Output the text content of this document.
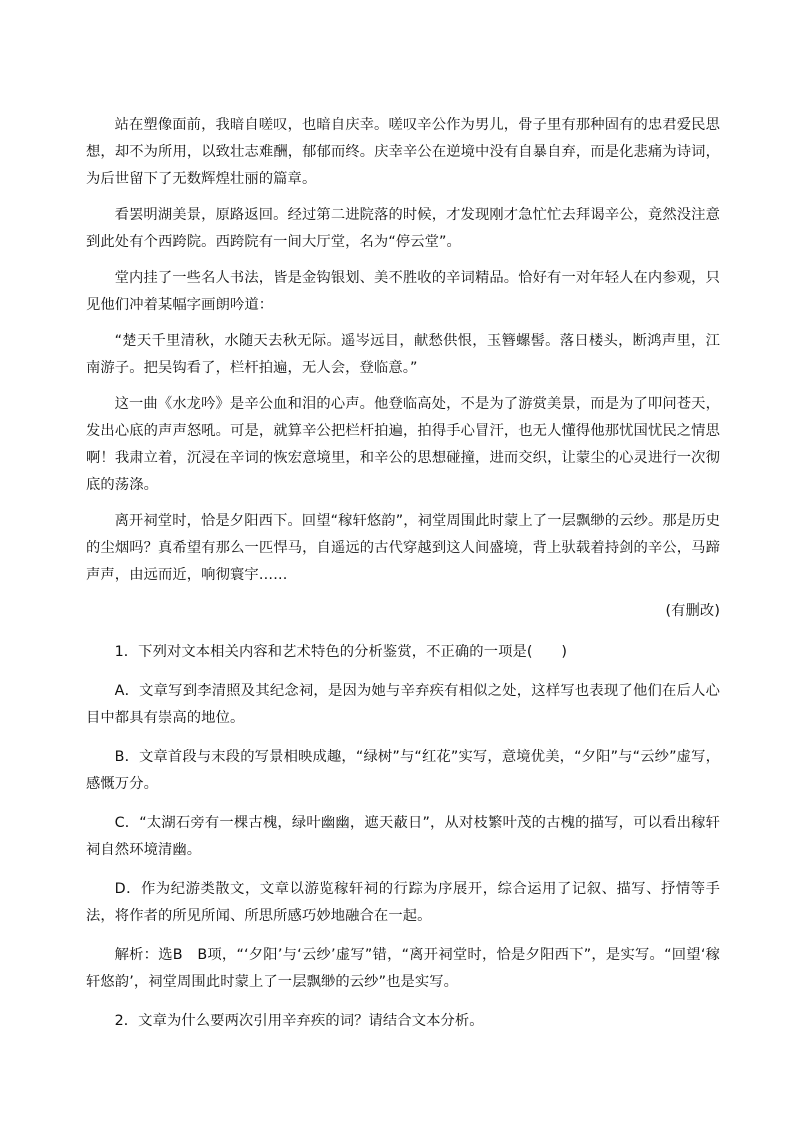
站在塑像面前，我暗自嗟叹，也暗自庆幸。嗟叹辛公作为男儿，骨子里有那种固有的忠君爱民思想，却不为所用，以致壮志难酬，郁郁而终。庆幸辛公在逆境中没有自暴自弃，而是化悲痛为诗词，为后世留下了无数辉煌壮丽的篇章。

看罢明湖美景，原路返回。经过第二进院落的时候，才发现刚才急忙忙去拜谒辛公，竟然没注意到此处有个西跨院。西跨院有一间大厅堂，名为“停云堂”。

堂内挂了一些名人书法，皆是金钩银划、美不胜收的辛词精品。恰好有一对年轻人在内参观，只见他们冲着某幅字画朗吟道：

“楚天千里清秋，水随天去秋无际。遥岑远目，献愁供恨，玉簪螺髻。落日楼头，断鸿声里，江南游子。把吴钩看了，栏杆拍遍，无人会，登临意。”

这一曲《水龙吟》是辛公血和泪的心声。他登临高处，不是为了游赏美景，而是为了叩问苍天，发出心底的声声怒吼。可是，就算辛公把栏杆拍遍，拍得手心冒汗，也无人懂得他那忧国忧民之情思啊！我肃立着，沉浸在辛词的恢宏意境里，和辛公的思想碰撞，进而交织，让蒙尘的心灵进行一次彻底的荡涤。

离开祠堂时，恰是夕阳西下。回望“稼轩悠韵”，祠堂周围此时蒙上了一层飘缈的云纱。那是历史的尘烟吗？真希望有那么一匹悍马，自遥远的古代穿越到这人间盛境，背上驮载着持剑的辛公，马蹄声声，由远而近，响彻寰宇……

(有删改)

1．下列对文本相关内容和艺术特色的分析鉴赏，不正确的一项是(　　)

A．文章写到李清照及其纪念祠，是因为她与辛弃疾有相似之处，这样写也表现了他们在后人心目中都具有崇高的地位。

B．文章首段与末段的写景相映成趣，“绿树”与“红花”实写，意境优美，“夕阳”与“云纱”虚写，感慨万分。

C．“太湖石旁有一棵古槐，绿叶幽幽，遮天蔽日”，从对枝繁叶茂的古槐的描写，可以看出稼轩祠自然环境清幽。

D．作为纪游类散文，文章以游览稼轩祠的行踪为序展开，综合运用了记叙、描写、抒情等手法，将作者的所见所闻、所思所感巧妙地融合在一起。

解析：选B　B项，“‘夕阳’与‘云纱’虚写”错，“离开祠堂时，恰是夕阳西下”，是实写。“回望‘稼轩悠韵’，祠堂周围此时蒙上了一层飘缈的云纱”也是实写。

2．文章为什么要两次引用辛弃疾的词？请结合文本分析。
